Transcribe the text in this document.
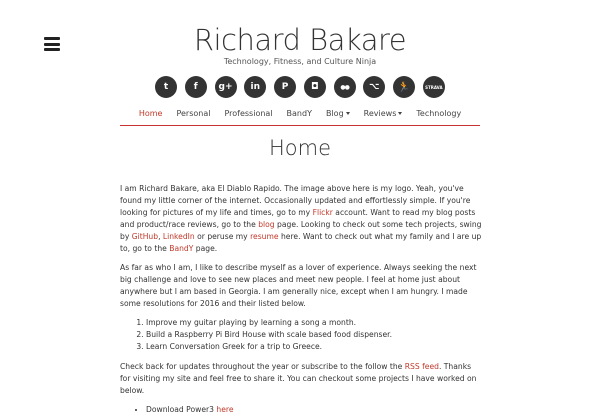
Richard Bakare
Technology, Fitness, and Culture Ninja
t	f	g+	in	P	◘	●●	⌥	🏃	STRAVA
Home	Personal	Professional	BandY	Blog	Reviews	Technology
Home

I am Richard Bakare, aka El Diablo Rapido. The image above here is my logo. Yeah, you've found my little corner of the internet. Occasionally updated and effortlessly simple. If you're looking for pictures of my life and times, go to my Flickr account. Want to read my blog posts and product/race reviews, go to the blog page. Looking to check out some tech projects, swing by GitHub, LinkedIn or peruse my resume here. Want to check out what my family and I are up to, go to the BandY page.

As far as who I am, I like to describe myself as a lover of experience. Always seeking the next big challenge and love to see new places and meet new people. I feel at home just about anywhere but I am based in Georgia. I am generally nice, except when I am hungry. I made some resolutions for 2016 and their listed below.

1. Improve my guitar playing by learning a song a month.
2. Build a Raspberry Pi Bird House with scale based food dispenser.
3. Learn Conversation Greek for a trip to Greece.

Check back for updates throughout the year or subscribe to the follow the RSS feed. Thanks for visiting my site and feel free to share it. You can checkout some projects I have worked on below.

• Download Power3 here
